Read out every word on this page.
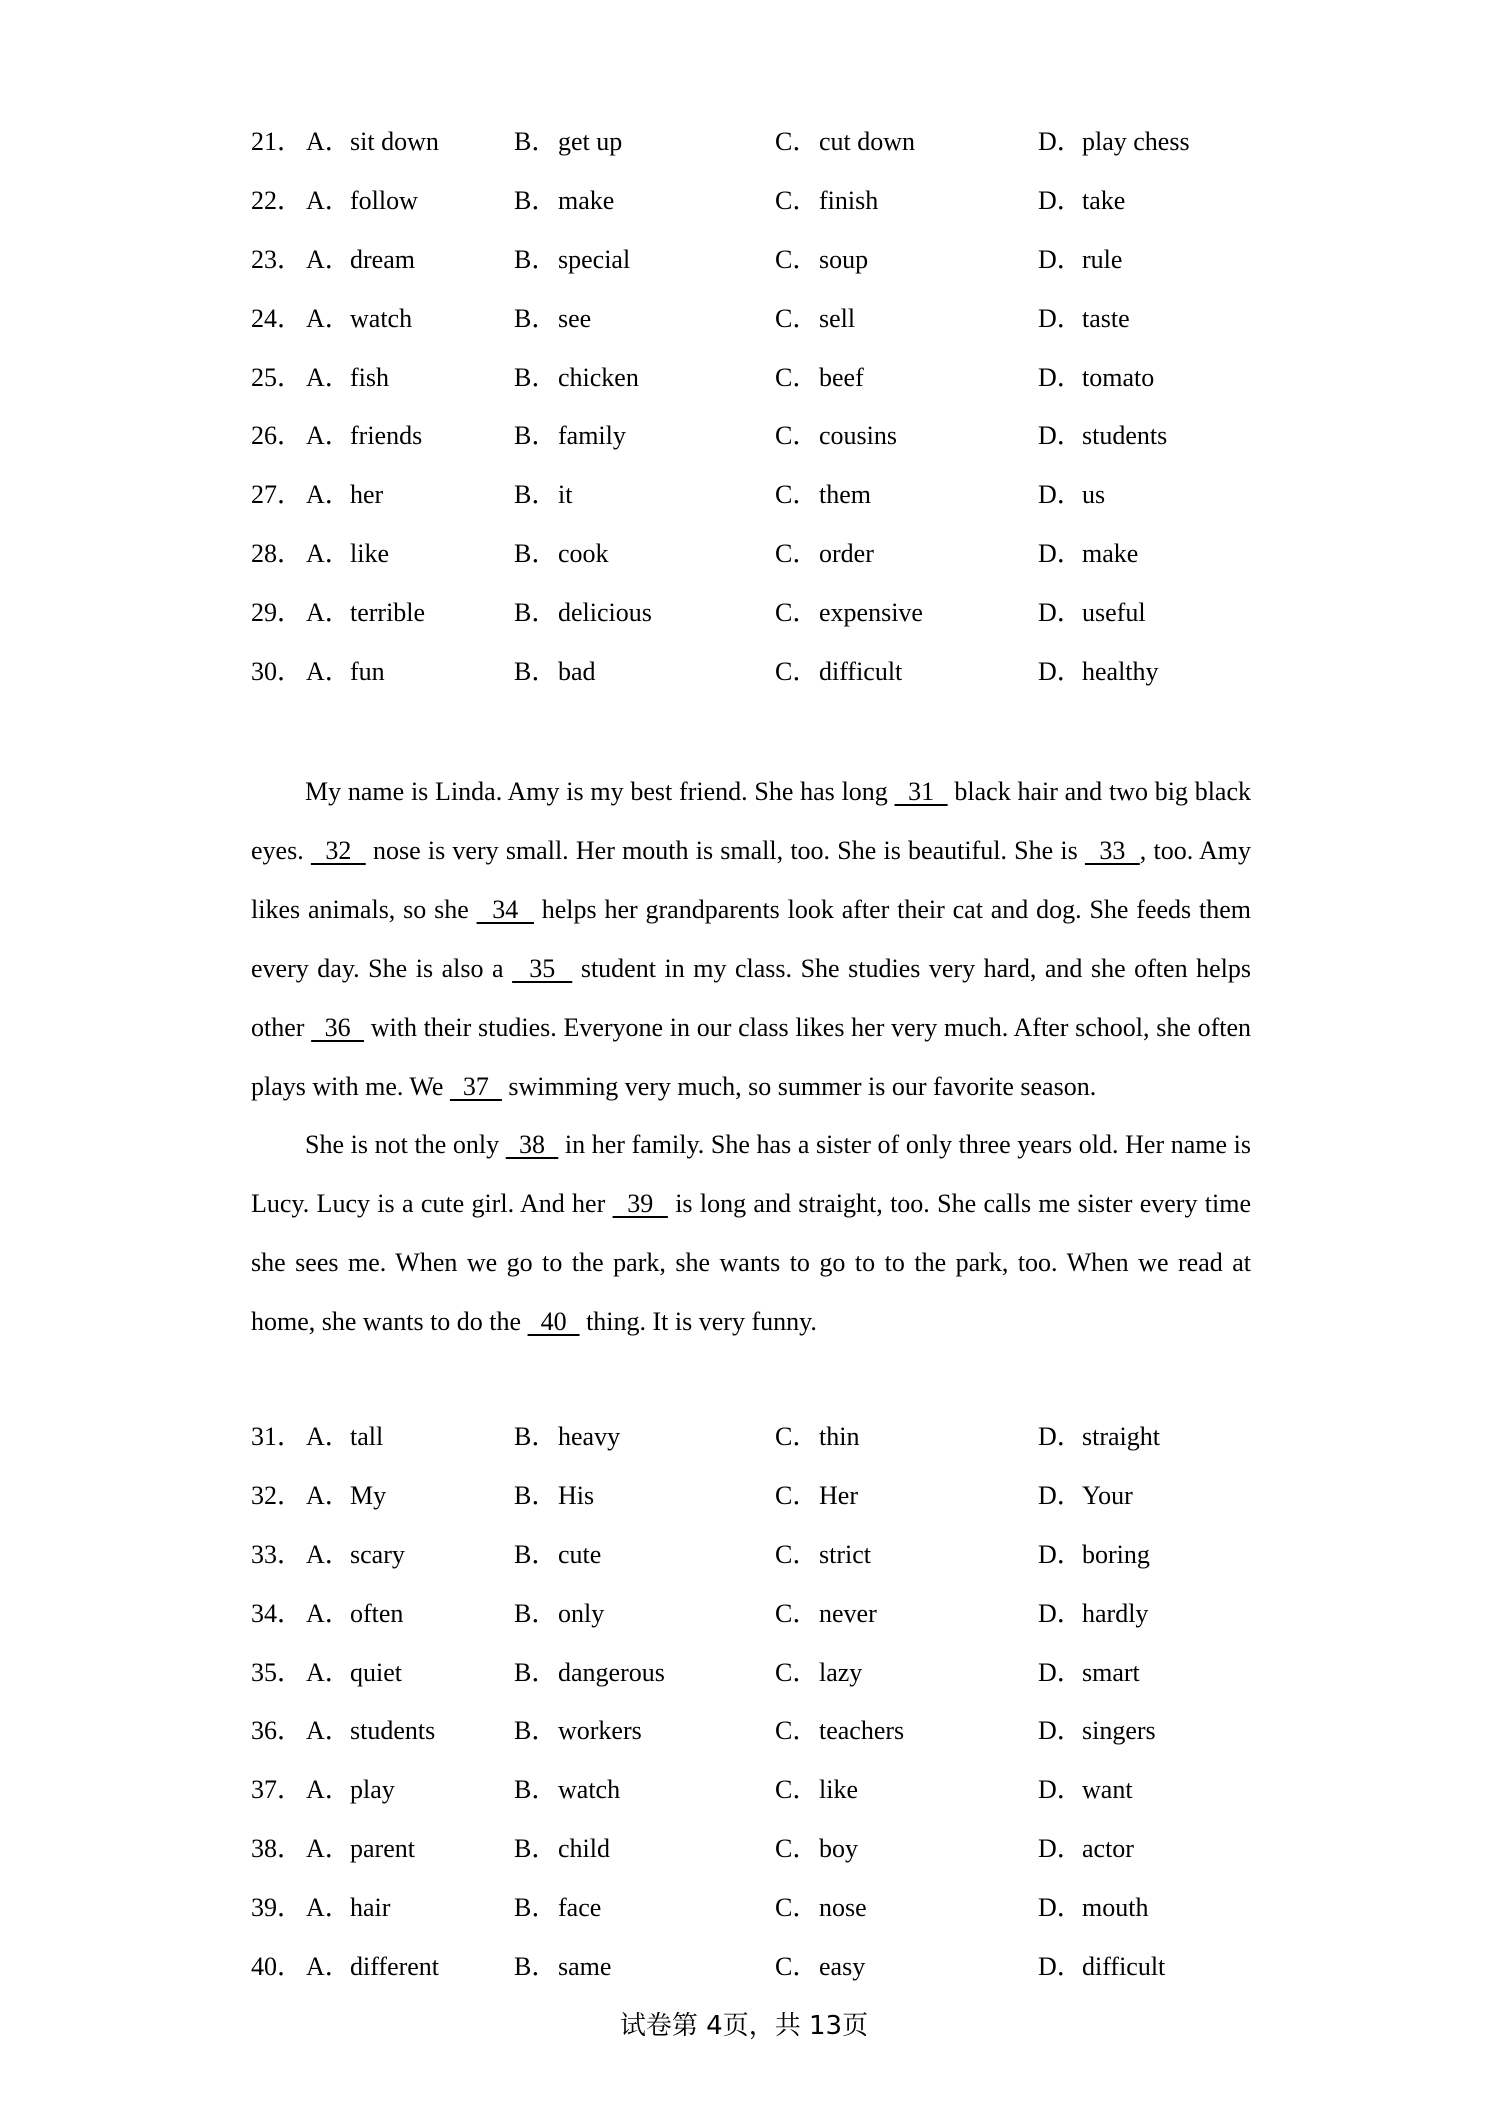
21． A．sit down	B．get up	C．cut down	D．play chess
22． A．follow	B．make	C．finish	D．take
23． A．dream	B．special	C．soup	D．rule
24． A．watch	B．see	C．sell	D．taste
25． A．fish	B．chicken	C．beef	D．tomato
26． A．friends	B．family	C．cousins	D．students
27． A．her	B．it	C．them	D．us
28． A．like	B．cook	C．order	D．make
29． A．terrible	B．delicious	C．expensive	D．useful
30． A．fun	B．bad	C．difficult	D．healthy

My name is Linda. Amy is my best friend. She has long   31   black hair and two big black eyes.   32   nose is very small. Her mouth is small, too. She is beautiful. She is   33  , too. Amy likes animals, so she   34   helps her grandparents look after their cat and dog. She feeds them every day. She is also a   35   student in my class. She studies very hard, and she often helps other   36   with their studies. Everyone in our class likes her very much. After school, she often plays with me. We   37   swimming very much, so summer is our favorite season.

She is not the only   38   in her family. She has a sister of only three years old. Her name is Lucy. Lucy is a cute girl. And her   39   is long and straight, too. She calls me sister every time she sees me. When we go to the park, she wants to go to to the park, too. When we read at home, she wants to do the   40   thing. It is very funny.

31． A．tall	B．heavy	C．thin	D．straight
32． A．My	B．His	C．Her	D．Your
33． A．scary	B．cute	C．strict	D．boring
34． A．often	B．only	C．never	D．hardly
35． A．quiet	B．dangerous	C．lazy	D．smart
36． A．students	B．workers	C．teachers	D．singers
37． A．play	B．watch	C．like	D．want
38． A．parent	B．child	C．boy	D．actor
39． A．hair	B．face	C．nose	D．mouth
40． A．different	B．same	C．easy	D．difficult
试卷第 4页，共 13页
